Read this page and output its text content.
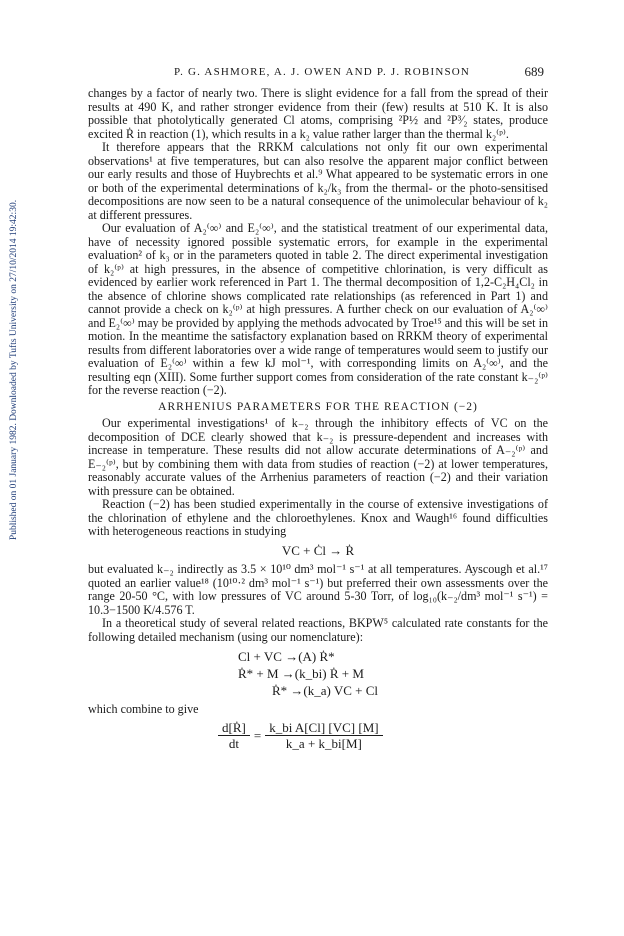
Published on 01 January 1982. Downloaded by Tufts University on 27/10/2014 19:42:30.
P. G. ASHMORE, A. J. OWEN AND P. J. ROBINSON	689

changes by a factor of nearly two. There is slight evidence for a fall from the spread of their results at 490 K, and rather stronger evidence from their (few) results at 510 K. It is also possible that photolytically generated Cl atoms, comprising ²P½ and ²P³⁄₂ states, produce excited Ṙ in reaction (1), which results in a k₂ value rather larger than the thermal k₂⁽ᵖ⁾.

It therefore appears that the RRKM calculations not only fit our own experimental observations¹ at five temperatures, but can also resolve the apparent major conflict between our early results and those of Huybrechts et al.⁹ What appeared to be systematic errors in one or both of the experimental determinations of k₂/k₃ from the thermal- or the photo-sensitised decompositions are now seen to be a natural consequence of the unimolecular behaviour of k₂ at different pressures.

Our evaluation of A₂⁽∞⁾ and E₂⁽∞⁾, and the statistical treatment of our experimental data, have of necessity ignored possible systematic errors, for example in the experimental evaluation² of k₃ or in the parameters quoted in table 2. The direct experimental investigation of k₂⁽ᵖ⁾ at high pressures, in the absence of competitive chlorination, is very difficult as evidenced by earlier work referenced in Part 1. The thermal decomposition of 1,2-C₂H₄Cl₂ in the absence of chlorine shows complicated rate relationships (as referenced in Part 1) and cannot provide a check on k₂⁽ᵖ⁾ at high pressures. A further check on our evaluation of A₂⁽∞⁾ and E₂⁽∞⁾ may be provided by applying the methods advocated by Troe¹⁵ and this will be set in motion. In the meantime the satisfactory explanation based on RRKM theory of experimental results from different laboratories over a wide range of temperatures would seem to justify our evaluation of E₂⁽∞⁾ within a few kJ mol⁻¹, with corresponding limits on A₂⁽∞⁾, and the resulting eqn (XIII). Some further support comes from consideration of the rate constant k₋₂⁽ᵖ⁾ for the reverse reaction (−2).

ARRHENIUS PARAMETERS FOR THE REACTION (−2)

Our experimental investigations¹ of k₋₂ through the inhibitory effects of VC on the decomposition of DCE clearly showed that k₋₂ is pressure-dependent and increases with increase in temperature. These results did not allow accurate determinations of A₋₂⁽ᵖ⁾ and E₋₂⁽ᵖ⁾, but by combining them with data from studies of reaction (−2) at lower temperatures, reasonably accurate values of the Arrhenius parameters of reaction (−2) and their variation with pressure can be obtained.

Reaction (−2) has been studied experimentally in the course of extensive investigations of the chlorination of ethylene and the chloroethylenes. Knox and Waugh¹⁶ found difficulties with heterogeneous reactions in studying

VC + Ċl → Ṙ

but evaluated k₋₂ indirectly as 3.5 × 10¹⁰ dm³ mol⁻¹ s⁻¹ at all temperatures. Ayscough et al.¹⁷ quoted an earlier value¹⁸ (10¹⁰·² dm³ mol⁻¹ s⁻¹) but preferred their own assessments over the range 20-50 °C, with low pressures of VC around 5-30 Torr, of log₁₀(k₋₂/dm³ mol⁻¹ s⁻¹) = 10.3−1500 K/4.576 T.

In a theoretical study of several related reactions, BKPW⁵ calculated rate constants for the following detailed mechanism (using our nomenclature):

Cl + VC →(A) Ṙ*
Ṙ* + M →(k_bi) Ṙ + M
Ṙ* →(k_a) VC + Cl

which combine to give

$\frac{\text{d[Ṙ]}}{dt} = \frac{\text{k\_bi A[Cl] [VC] [M]}}{k\_a + k\_bi[M]}$
